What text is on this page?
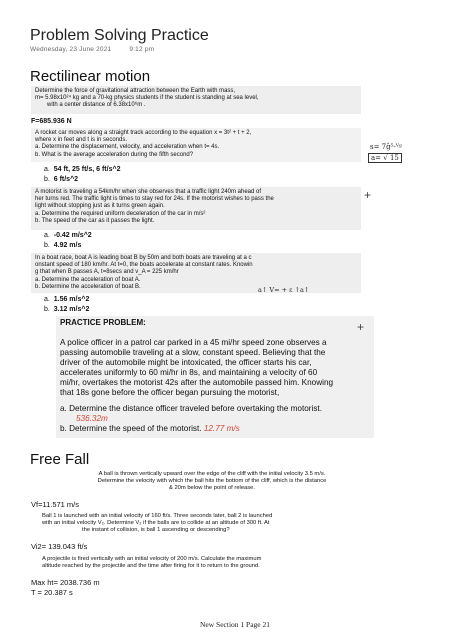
Problem Solving Practice
Wednesday, 23 June 2021	9:12 pm
Rectilinear motion
Determine the force of gravitational attraction between the Earth with mass,
m= 5.98x10²⁴ kg and a 70-kg physics students if the student is standing at sea level,
with a center distance of 6.38x10⁶m .
F=685.936 N
A rocket car moves along a straight track according to the equation x = 3t² + t + 2,
where x in feet and t is in seconds.
a. Determine the displacement, velocity, and acceleration when t= 4s.
b. What is the average acceleration during the fifth second?
s= 7ĝ⁵-ⱽᵍ
a= √ 15
a.  54 ft, 25 ft/s, 6 ft/s^2
b.  6 ft/s^2
A motorist is traveling a 54km/hr when she observes that a traffic light 240m ahead of
her turns red. The traffic light is times to stay red for 24s. If the motorist wishes to pass the
light without stopping just as it turns green again.
a. Determine the required uniform deceleration of the car in m/s²
b. The speed of the car as it passes the light.
+
a.  -0.42 m/s^2
b.  4.92 m/s
In a boat race, boat A is leading boat B by 50m and both boats are traveling at a c
onstant speed of 180 km/hr. At t=0, the boats accelerate at constant rates. Knowin
g that when B passes A, t=8secs and v_A = 225 km/hr
a. Determine the acceleration of boat A.
b. Determine the acceleration of boat B.	a↑ V= + ε ↑a↑
a.  1.56 m/s^2
b.  3.12 m/s^2
PRACTICE PROBLEM:	+
A police officer in a patrol car parked in a 45 mi/hr speed zone observes a
passing automobile traveling at a slow, constant speed. Believing that the
driver of the automobile might be intoxicated, the officer starts his car,
accelerates uniformly to 60 mi/hr in 8s, and maintaining a velocity of 60
mi/hr, overtakes the motorist 42s after the automobile passed him. Knowing
that 18s gone before the officer began pursuing the motorist,
a. Determine the distance officer traveled before overtaking the motorist.
536.32m
b. Determine the speed of the motorist. 12.77 m/s
Free Fall
A ball is thrown vertically upward over the edge of the cliff with the initial velocity 3.5 m/s.
Determine the velocity with which the ball hits the bottom of the cliff, which is the distance
& 20m below the point of release.
Vf=11.571 m/s
Ball 1 is launched with an initial velocity of 160 ft/s. Three seconds later, ball 2 is launched
with an initial velocity V₂. Determine V₂ if the balls are to collide at an altitude of 300 ft. At
the instant of collision, is ball 1 ascending or descending?
Vi2= 139.043 ft/s
A projectile is fired vertically with an initial velocity of 200 m/s. Calculate the maximum
altitude reached by the projectile and the time after firing for it to return to the ground.
Max ht= 2038.736 m
T = 20.387 s
New Section 1 Page 21
